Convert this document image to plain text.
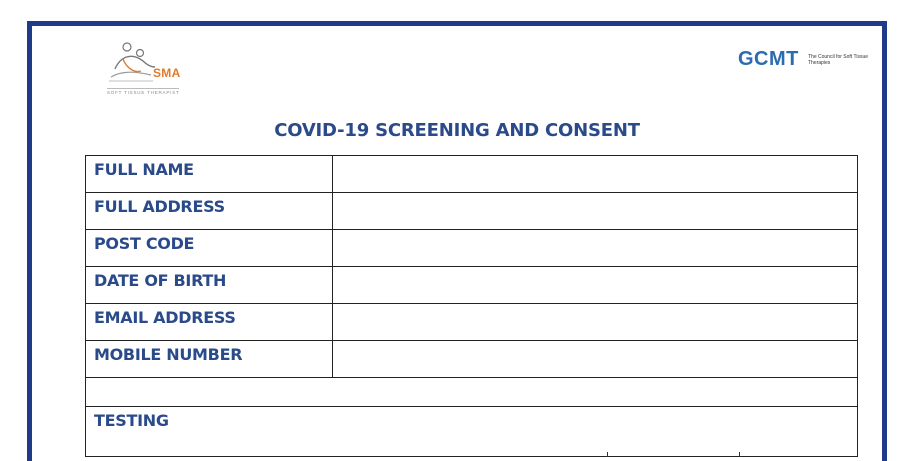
SMA
SOFT TISSUE THERAPIST
GCMT The Council for Soft Tissue Therapies
COVID-19 SCREENING AND CONSENT
FULL NAME	
FULL ADDRESS	
POST CODE	
DATE OF BIRTH	
EMAIL ADDRESS	
MOBILE NUMBER	

TESTING	
